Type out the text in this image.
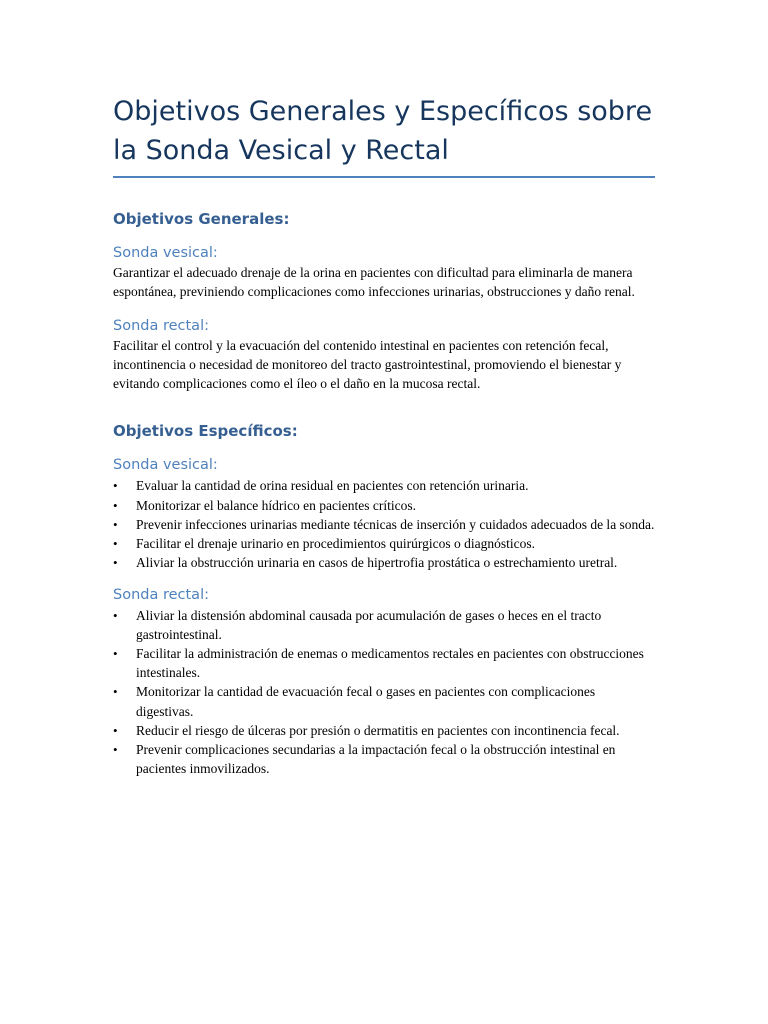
Objetivos Generales y Específicos sobre la Sonda Vesical y Rectal
Objetivos Generales:
Sonda vesical:

Garantizar el adecuado drenaje de la orina en pacientes con dificultad para eliminarla de manera espontánea, previniendo complicaciones como infecciones urinarias, obstrucciones y daño renal.

Sonda rectal:

Facilitar el control y la evacuación del contenido intestinal en pacientes con retención fecal, incontinencia o necesidad de monitoreo del tracto gastrointestinal, promoviendo el bienestar y evitando complicaciones como el íleo o el daño en la mucosa rectal.

Objetivos Específicos:
Sonda vesical:
• Evaluar la cantidad de orina residual en pacientes con retención urinaria.
• Monitorizar el balance hídrico en pacientes críticos.
• Prevenir infecciones urinarias mediante técnicas de inserción y cuidados adecuados de la sonda.
• Facilitar el drenaje urinario en procedimientos quirúrgicos o diagnósticos.
• Aliviar la obstrucción urinaria en casos de hipertrofia prostática o estrechamiento uretral.
Sonda rectal:
• Aliviar la distensión abdominal causada por acumulación de gases o heces en el tracto gastrointestinal.
• Facilitar la administración de enemas o medicamentos rectales en pacientes con obstrucciones intestinales.
• Monitorizar la cantidad de evacuación fecal o gases en pacientes con complicaciones digestivas.
• Reducir el riesgo de úlceras por presión o dermatitis en pacientes con incontinencia fecal.
• Prevenir complicaciones secundarias a la impactación fecal o la obstrucción intestinal en pacientes inmovilizados.
